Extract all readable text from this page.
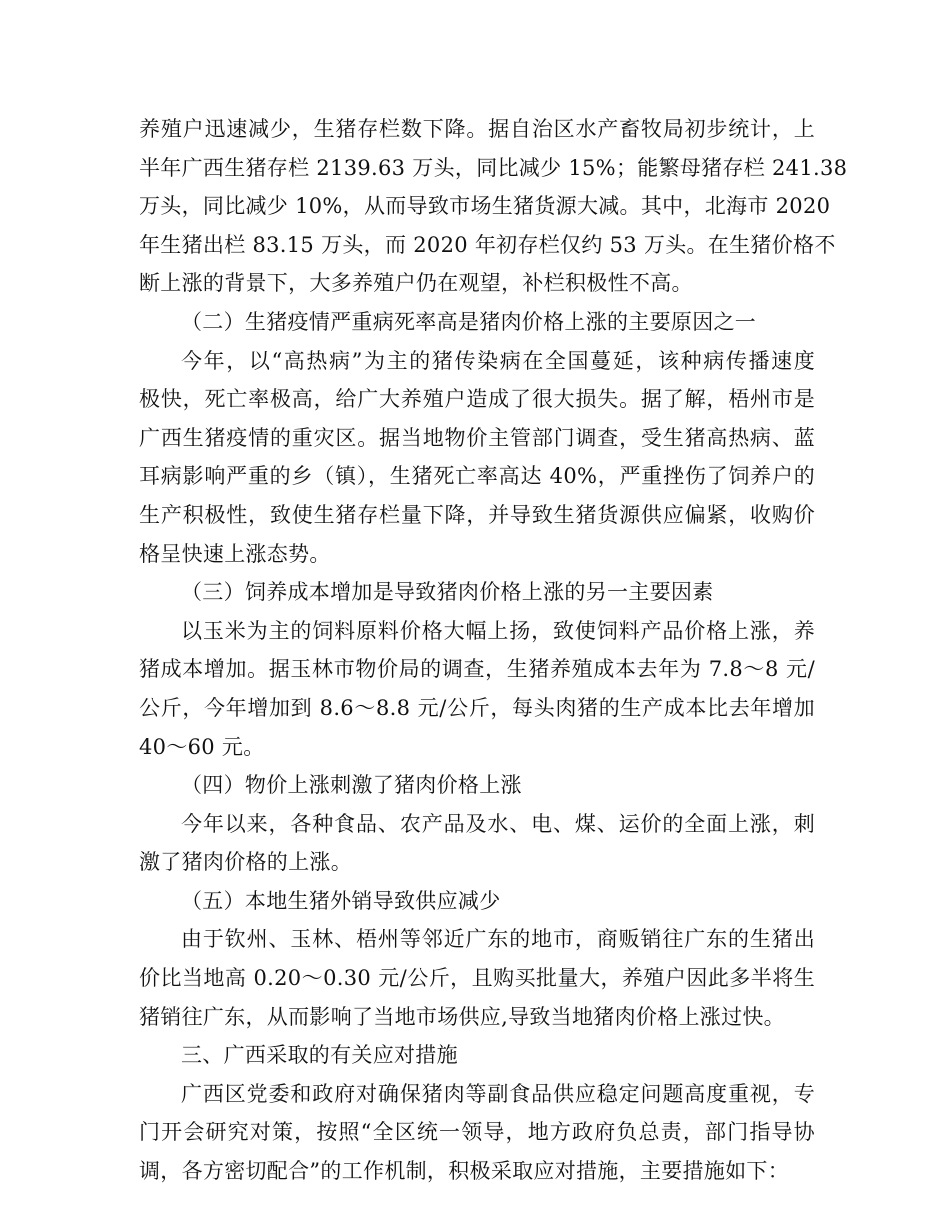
养殖户迅速减少，生猪存栏数下降。据自治区水产畜牧局初步统计，上
半年广西生猪存栏 2139.63 万头，同比减少 15%；能繁母猪存栏 241.38
万头，同比减少 10%，从而导致市场生猪货源大减。其中，北海市 2020
年生猪出栏 83.15 万头，而 2020 年初存栏仅约 53 万头。在生猪价格不
断上涨的背景下，大多养殖户仍在观望，补栏积极性不高。
（二）生猪疫情严重病死率高是猪肉价格上涨的主要原因之一
今年，以“高热病”为主的猪传染病在全国蔓延，该种病传播速度
极快，死亡率极高，给广大养殖户造成了很大损失。据了解，梧州市是
广西生猪疫情的重灾区。据当地物价主管部门调查，受生猪高热病、蓝
耳病影响严重的乡（镇），生猪死亡率高达 40%，严重挫伤了饲养户的
生产积极性，致使生猪存栏量下降，并导致生猪货源供应偏紧，收购价
格呈快速上涨态势。
（三）饲养成本增加是导致猪肉价格上涨的另一主要因素
以玉米为主的饲料原料价格大幅上扬，致使饲料产品价格上涨，养
猪成本增加。据玉林市物价局的调查，生猪养殖成本去年为 7.8～8 元/
公斤，今年增加到 8.6～8.8 元/公斤，每头肉猪的生产成本比去年增加
40～60 元。
（四）物价上涨刺激了猪肉价格上涨
今年以来，各种食品、农产品及水、电、煤、运价的全面上涨，刺
激了猪肉价格的上涨。
（五）本地生猪外销导致供应减少
由于钦州、玉林、梧州等邻近广东的地市，商贩销往广东的生猪出
价比当地高 0.20～0.30 元/公斤，且购买批量大，养殖户因此多半将生
猪销往广东，从而影响了当地市场供应,导致当地猪肉价格上涨过快。
三、广西采取的有关应对措施
广西区党委和政府对确保猪肉等副食品供应稳定问题高度重视，专
门开会研究对策，按照“全区统一领导，地方政府负总责，部门指导协
调，各方密切配合”的工作机制，积极采取应对措施，主要措施如下：
